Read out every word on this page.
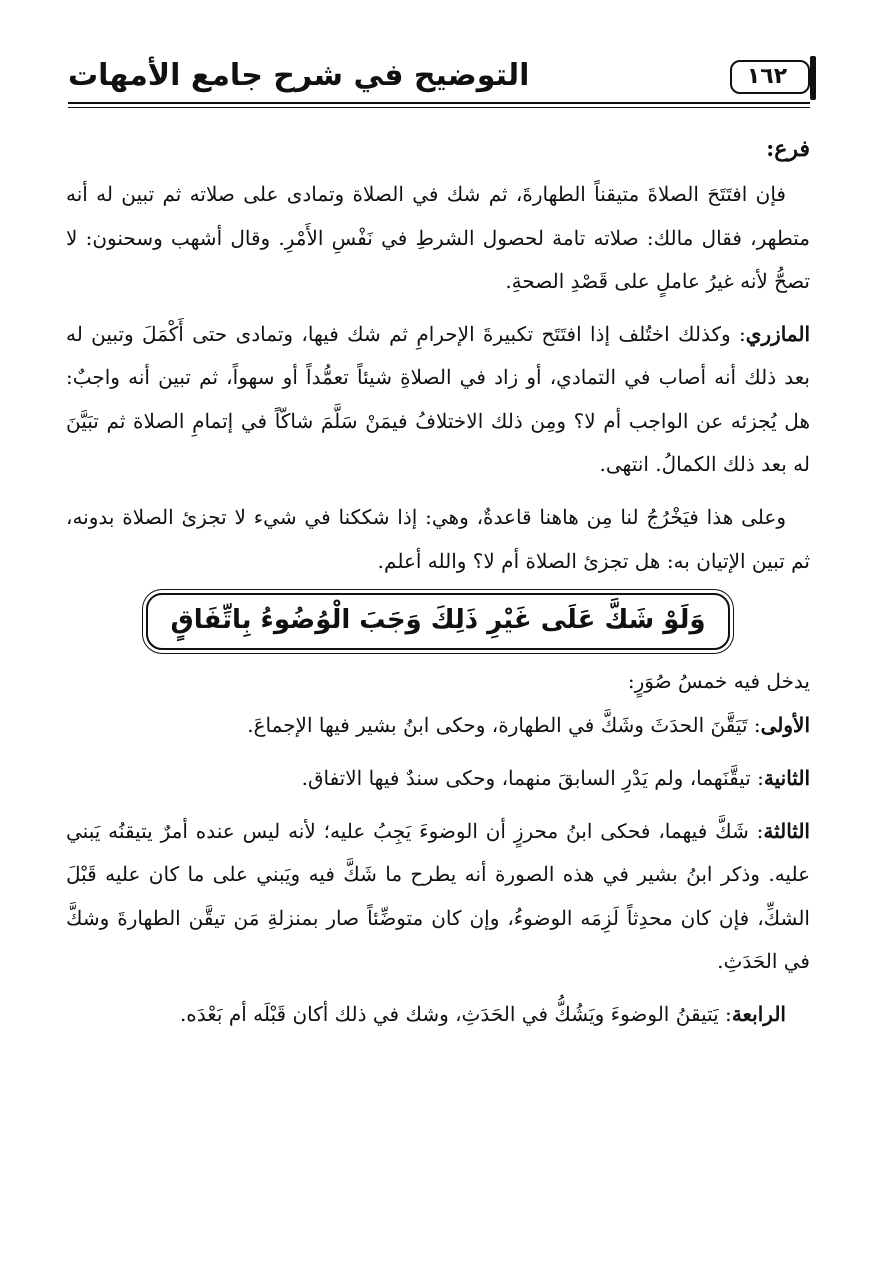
التوضيح في شرح جامع الأمهات	١٦٢

فرع:

فإن افتَتَحَ الصلاةَ متيقناً الطهارةَ، ثم شك في الصلاة وتمادى على صلاته ثم تبين له أنه متطهر، فقال مالك: صلاته تامة لحصول الشرطِ في نَفْسِ الأَمْرِ. وقال أشهب وسحنون: لا تصحُّ لأنه غيرُ عاملٍ على قَصْدِ الصحةِ.

المازري: وكذلك اختُلف إذا افتَتَح تكبيرةَ الإحرامِ ثم شك فيها، وتمادى حتى أَكْمَلَ وتبين له بعد ذلك أنه أصاب في التمادي، أو زاد في الصلاةِ شيئاً تعمُّداً أو سهواً، ثم تبين أنه واجبٌ: هل يُجزئه عن الواجب أم لا؟ ومِن ذلك الاختلافُ فيمَنْ سَلَّمَ شاكّاً في إتمامِ الصلاة ثم تبَيَّنَ له بعد ذلك الكمالُ. انتهى.

وعلى هذا فيَخْرُجُ لنا مِن هاهنا قاعدةٌ، وهي: إذا شككنا في شيء لا تجزئ الصلاة بدونه، ثم تبين الإتيان به: هل تجزئ الصلاة أم لا؟ والله أعلم.

وَلَوْ شَكَّ عَلَى غَيْرِ ذَلِكَ وَجَبَ الْوُضُوءُ بِاتِّفَاقٍ

يدخل فيه خمسُ صُوَرٍ:

الأولى: تَيَقَّنَ الحدَثَ وشَكَّ في الطهارة، وحكى ابنُ بشير فيها الإجماعَ.

الثانية: تيقَّنَهما، ولم يَدْرِ السابقَ منهما، وحكى سندٌ فيها الاتفاق.

الثالثة: شَكَّ فيهما، فحكى ابنُ محرزٍ أن الوضوءَ يَجِبُ عليه؛ لأنه ليس عنده أمرٌ يتيقنُه يَبني عليه. وذكر ابنُ بشير في هذه الصورة أنه يطرح ما شَكَّ فيه ويَبني على ما كان عليه قَبْلَ الشكِّ، فإن كان محدِثاً لَزِمَه الوضوءُ، وإن كان متوضِّئاً صار بمنزلةِ مَن تيقَّن الطهارةَ وشكَّ في الحَدَثِ.

الرابعة: يَتيقنُ الوضوءَ ويَشُكُّ في الحَدَثِ، وشك في ذلك أكان قَبْلَه أم بَعْدَه.
